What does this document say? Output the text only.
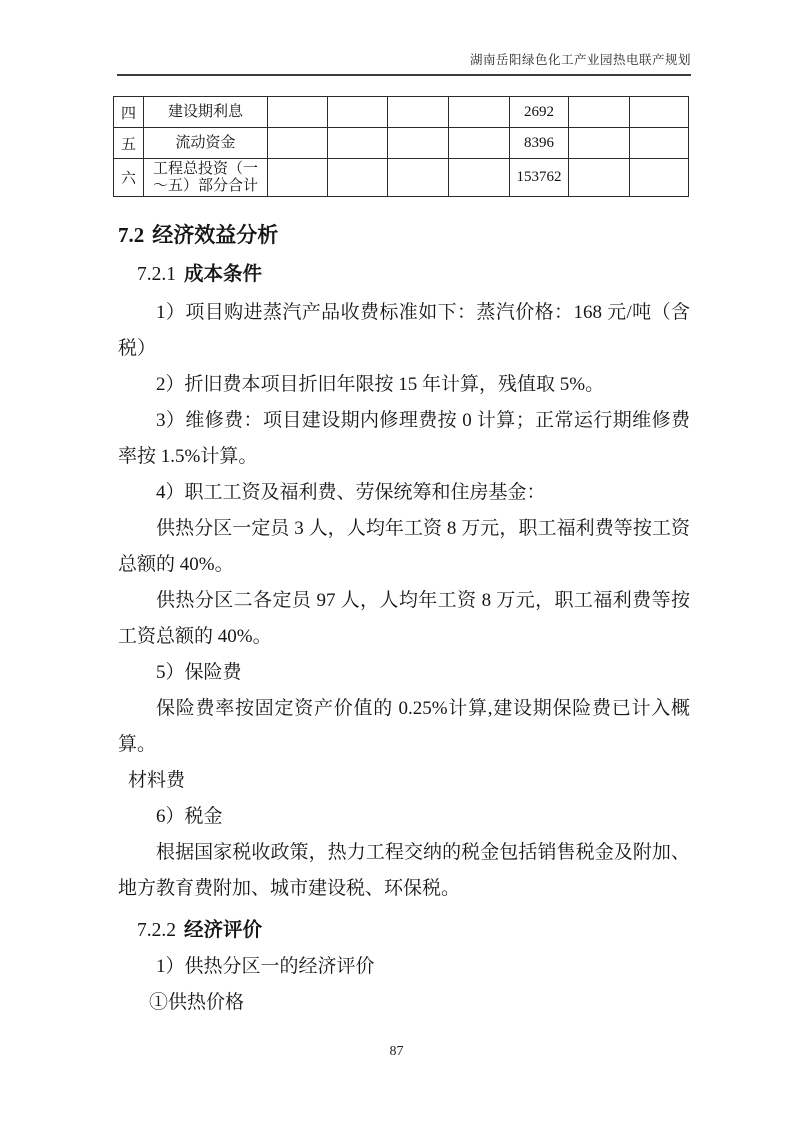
湖南岳阳绿色化工产业园热电联产规划
四	建设期利息					2692		
五	流动资金					8396		
六	工程总投资（一～五）部分合计					153762		
7.2 经济效益分析
7.2.1 成本条件

1）项目购进蒸汽产品收费标准如下：蒸汽价格：168 元/吨（含税）

2）折旧费本项目折旧年限按 15 年计算，残值取 5%。

3）维修费：项目建设期内修理费按 0 计算；正常运行期维修费率按 1.5%计算。

4）职工工资及福利费、劳保统筹和住房基金：

供热分区一定员 3 人，人均年工资 8 万元，职工福利费等按工资总额的 40%。

供热分区二各定员 97 人，人均年工资 8 万元，职工福利费等按工资总额的 40%。

5）保险费

保险费率按固定资产价值的 0.25%计算,建设期保险费已计入概算。

材料费

6）税金

根据国家税收政策，热力工程交纳的税金包括销售税金及附加、地方教育费附加、城市建设税、环保税。

7.2.2 经济评价

1）供热分区一的经济评价

①供热价格

87
